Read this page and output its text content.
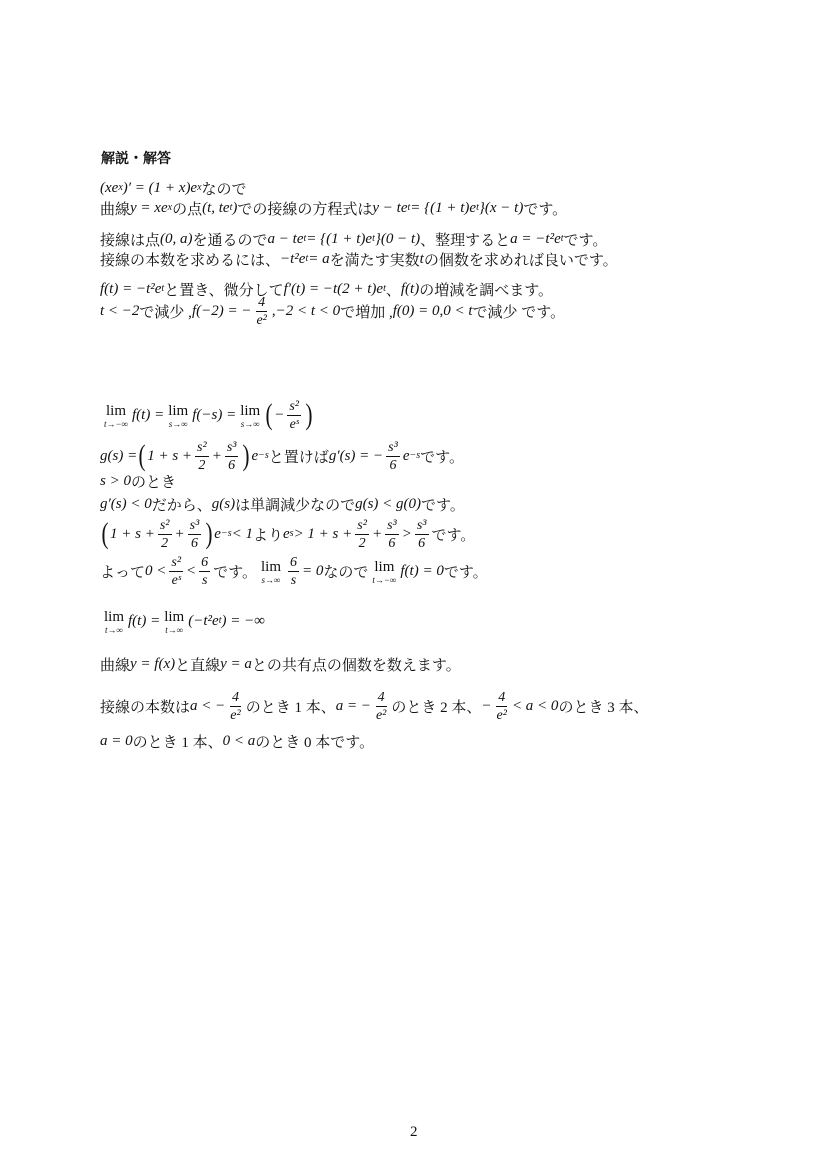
解説・解答
(xe x )′ = (1 + x)e x なので
曲線 y = xe x の点 (t, te t ) での接線の方程式は y − te t = {(1 + t)e t }(x − t) です。
接線は点 (0, a) を通るので a − te t = {(1 + t)e t }(0 − t) 、整理すると a = −t²e t です。
接線の本数を求めるには、 −t²e t = a を満たす実数 t の個数を求めれば良いです。
f(t) = −t²e t と置き、微分して f′(t) = −t(2 + t)e t 、 f(t) の増減を調べます。
t < −2 で減少 , f(−2) = − $\frac{4}{\text{e²}}$ , −2 < t < 0 で増加 , f(0) = 0 , 0 < t で減少 です。
lim
t→−∞
f(t) = lim
s→∞
f(−s) = lim
s→∞ ( − $\frac{\text{s²}}{\text{eˢ}}$ )
g(s) = ( $1 + s + \frac{\text{s²}}{2} + \frac{\text{s³}}{6}$ ) e −s と置けば g′(s) = − $\frac{\text{s³}}{6}$ e −s です。
s > 0 のとき
g′(s) < 0 だから、 g(s) は単調減少なので g(s) < g(0) です。
( $1 + s + \frac{\text{s²}}{2} + \frac{\text{s³}}{6}$ ) e −s < 1 より e $s > 1 + s + \frac{\text{s²}}{2} + \frac{\text{s³}}{6} > \frac{\text{s³}}{6}$ です。
よって $0 < \frac{\text{s²}}{\text{eˢ}} < \frac{6}{s}$ です。 lim
$s\to\infty \frac{6}{s} = 0$ なので lim
t→−∞
f(t) = 0 です。
lim
t→∞
f(t) = lim
t→∞
(−t²e t ) = −∞
曲線 y = f(x) と直線 y = a との共有点の個数を数えます。
接線の本数は a < − $\frac{4}{\text{e²}}$ のとき 1 本、 a = − $\frac{4}{\text{e²}}$ のとき 2 本、 − $\frac{4}{\text{e²}} < a < 0$ のとき 3 本、
a = 0 のとき 1 本、 0 < a のとき 0 本です。
2
